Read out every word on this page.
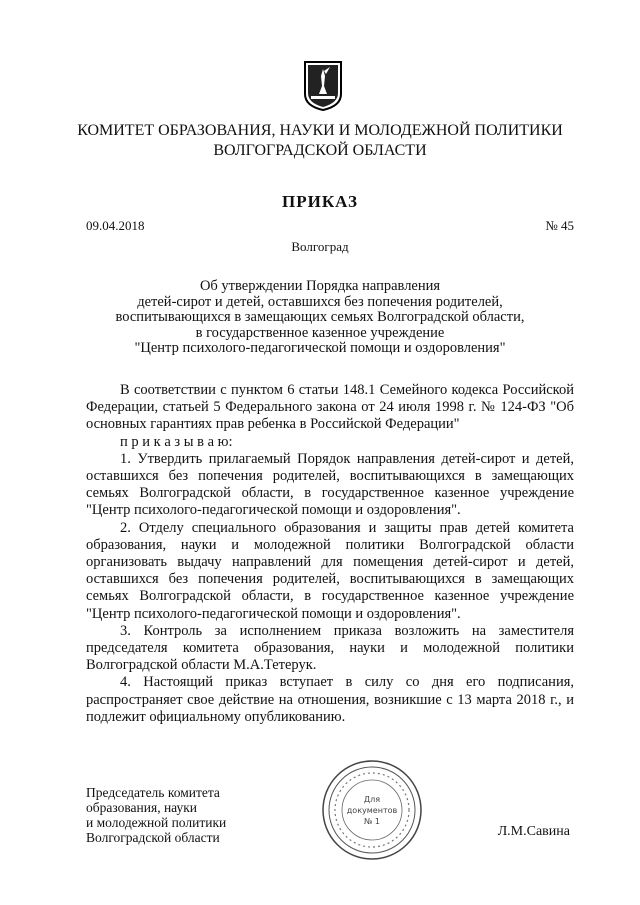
КОМИТЕТ ОБРАЗОВАНИЯ, НАУКИ И МОЛОДЕЖНОЙ ПОЛИТИКИ
ВОЛГОГРАДСКОЙ ОБЛАСТИ
ПРИКАЗ
09.04.2018	№ 45
Волгоград
Об утверждении Порядка направления
детей-сирот и детей, оставшихся без попечения родителей,
воспитывающихся в замещающих семьях Волгоградской области,
в государственное казенное учреждение
"Центр психолого-педагогической помощи и оздоровления"

В соответствии с пунктом 6 статьи 148.1 Семейного кодекса Российской Федерации, статьей 5 Федерального закона от 24 июля 1998 г. № 124-ФЗ "Об основных гарантиях прав ребенка в Российской Федерации"

п р и к а з ы в а ю:

1. Утвердить прилагаемый Порядок направления детей-сирот и детей, оставшихся без попечения родителей, воспитывающихся в замещающих семьях Волгоградской области, в государственное казенное учреждение "Центр психолого-педагогической помощи и оздоровления".

2. Отделу специального образования и защиты прав детей комитета образования, науки и молодежной политики Волгоградской области организовать выдачу направлений для помещения детей-сирот и детей, оставшихся без попечения родителей, воспитывающихся в замещающих семьях Волгоградской области, в государственное казенное учреждение "Центр психолого-педагогической помощи и оздоровления".

3. Контроль за исполнением приказа возложить на заместителя председателя комитета образования, науки и молодежной политики Волгоградской области М.А.Тетерук.

4. Настоящий приказ вступает в силу со дня его подписания, распространяет свое действие на отношения, возникшие с 13 марта 2018 г., и подлежит официальному опубликованию.

Председатель комитета
образования, науки
и молодежной политики
Волгоградской области	Л.М.Савина
Для
документов
№ 1
